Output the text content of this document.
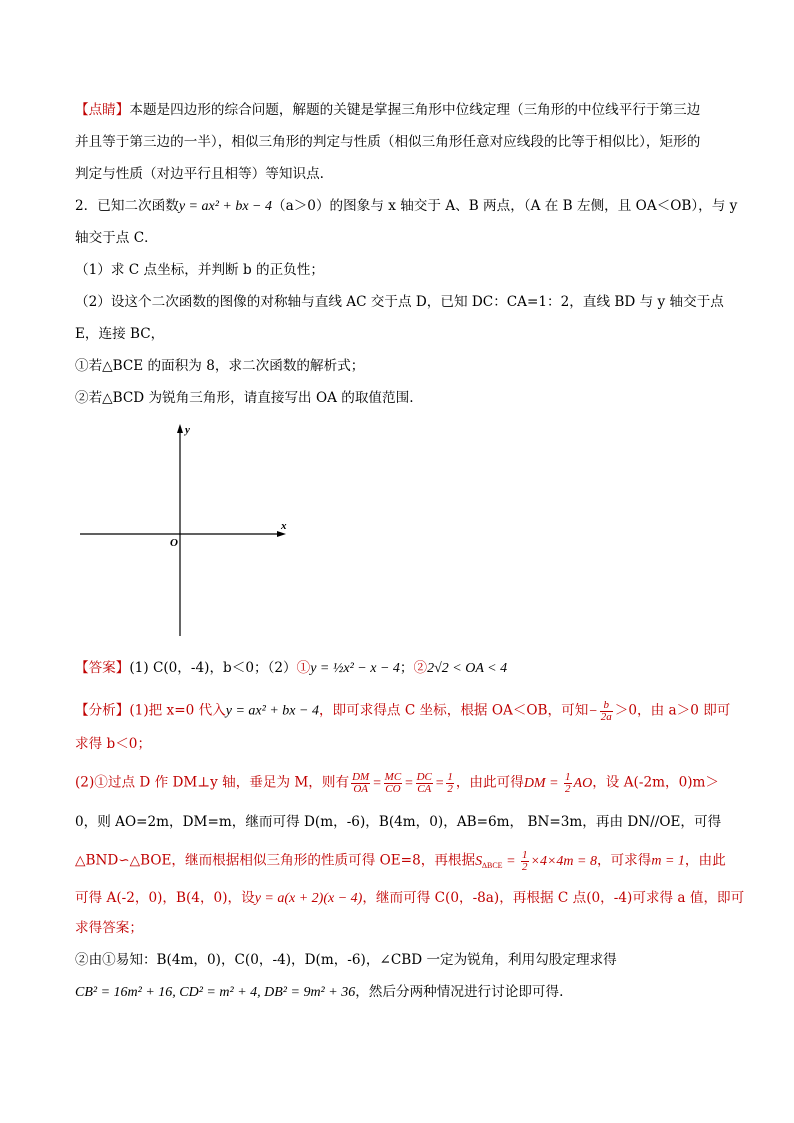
【点睛】本题是四边形的综合问题，解题的关键是掌握三角形中位线定理（三角形的中位线平行于第三边
并且等于第三边的一半），相似三角形的判定与性质（相似三角形任意对应线段的比等于相似比），矩形的
判定与性质（对边平行且相等）等知识点.
2．已知二次函数y = ax² + bx − 4（a＞0）的图象与 x 轴交于 A、B 两点，（A 在 B 左侧，且 OA＜OB），与 y
轴交于点 C．
（1）求 C 点坐标，并判断 b 的正负性；
（2）设这个二次函数的图像的对称轴与直线 AC 交于点 D，已知 DC：CA=1：2，直线 BD 与 y 轴交于点
E，连接 BC，
①若△BCE 的面积为 8，求二次函数的解析式；
②若△BCD 为锐角三角形，请直接写出 OA 的取值范围.
x
y
O
【答案】(1) C(0，-4)，b＜0；（2）①y = ½x² − x − 4；②2√2 < OA < 4
【分析】(1)把 x=0 代入y = ax² + bx − 4，即可求得点 C 坐标，根据 OA＜OB，可知− $\frac{b}{2a} >0$，由 a＞0 即可
求得 b＜0；
(2)①过点 D 作 DM⊥y 轴，垂足为 M，则有 $\frac{DM}{OA} = \frac{MC}{CO} = \frac{DC}{CA} = \frac{1}{2}$ ，由此可得DM = $\frac{1}{2}$ AO，设 A(-2m，0)m＞
0，则 AO=2m，DM=m，继而可得 D(m，-6)，B(4m，0)，AB=6m， BN=3m，再由 DN//OE，可得
△BND∽△BOE，继而根据相似三角形的性质可得 OE=8，再根据$S_{\Delta BCE} = \frac{1}{2} \times 4\times 4m = 8$，可求得m = 1，由此
可得 A(-2，0)，B(4，0)，设y = a(x + 2)(x − 4)，继而可得 C(0，-8a)，再根据 C 点(0，-4)可求得 a 值，即可
求得答案；
②由①易知：B(4m，0)，C(0，-4)，D(m，-6)，∠CBD 一定为锐角，利用勾股定理求得
CB² = 16m² + 16, CD² = m² + 4, DB² = 9m² + 36，然后分两种情况进行讨论即可得.
